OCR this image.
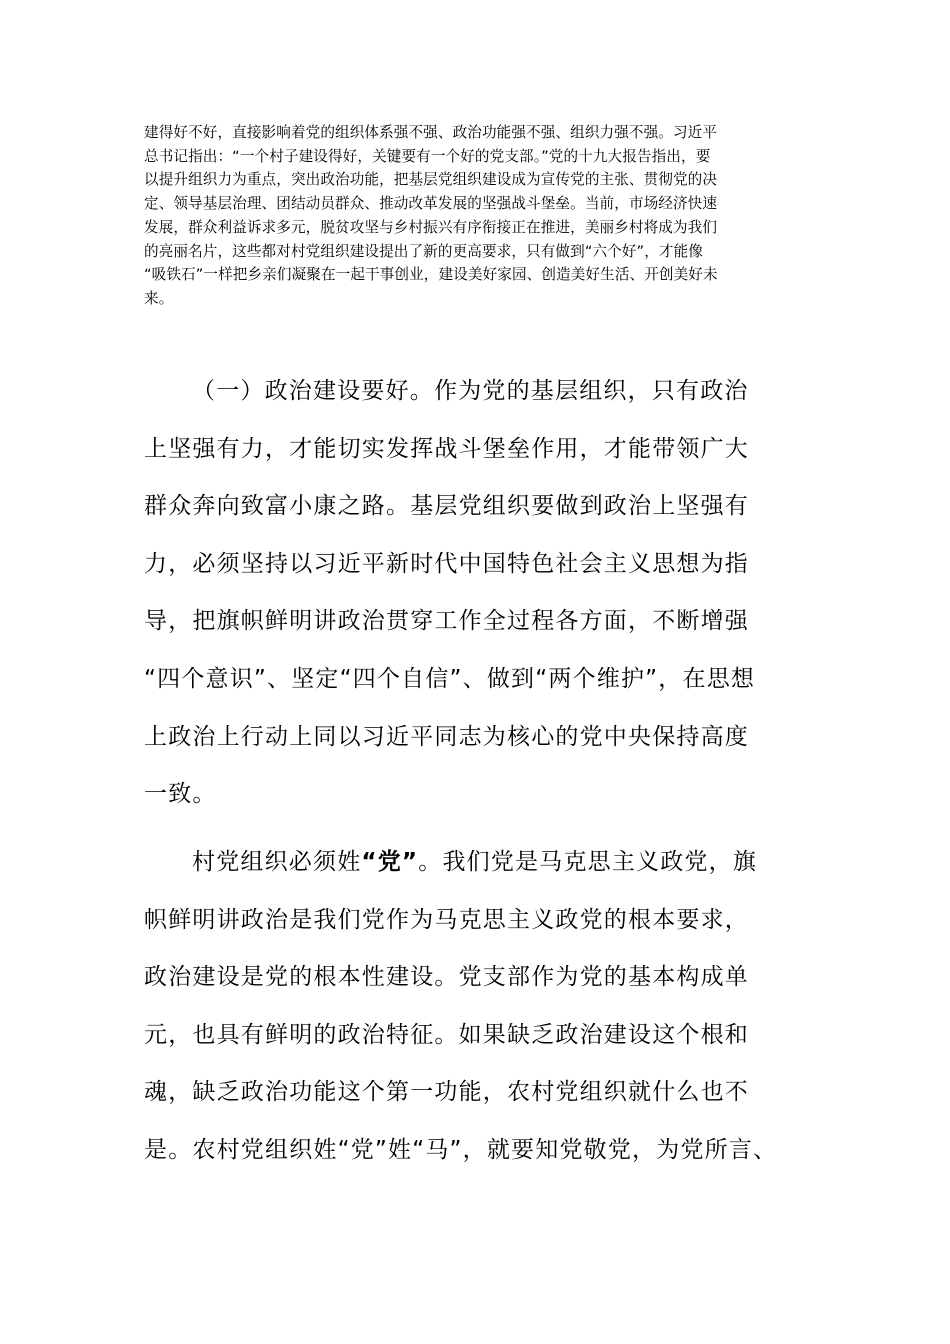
建得好不好，直接影响着党的组织体系强不强、政治功能强不强、组织力强不强。习近平
总书记指出：“一个村子建设得好，关键要有一个好的党支部。”党的十九大报告指出，要
以提升组织力为重点，突出政治功能，把基层党组织建设成为宣传党的主张、贯彻党的决
定、领导基层治理、团结动员群众、推动改革发展的坚强战斗堡垒。当前，市场经济快速
发展，群众利益诉求多元，脱贫攻坚与乡村振兴有序衔接正在推进，美丽乡村将成为我们
的亮丽名片，这些都对村党组织建设提出了新的更高要求，只有做到“六个好”，才能像
“吸铁石”一样把乡亲们凝聚在一起干事创业，建设美好家园、创造美好生活、开创美好未
来。
（一）政治建设要好。作为党的基层组织，只有政治
上坚强有力，才能切实发挥战斗堡垒作用，才能带领广大
群众奔向致富小康之路。基层党组织要做到政治上坚强有
力，必须坚持以习近平新时代中国特色社会主义思想为指
导，把旗帜鲜明讲政治贯穿工作全过程各方面，不断增强
“四个意识”、坚定“四个自信”、做到“两个维护”，在思想
上政治上行动上同以习近平同志为核心的党中央保持高度
一致。
村党组织必须姓“党”。我们党是马克思主义政党，旗
帜鲜明讲政治是我们党作为马克思主义政党的根本要求，
政治建设是党的根本性建设。党支部作为党的基本构成单
元，也具有鲜明的政治特征。如果缺乏政治建设这个根和
魂，缺乏政治功能这个第一功能，农村党组织就什么也不
是。农村党组织姓“党”姓“马”，就要知党敬党，为党所言、
